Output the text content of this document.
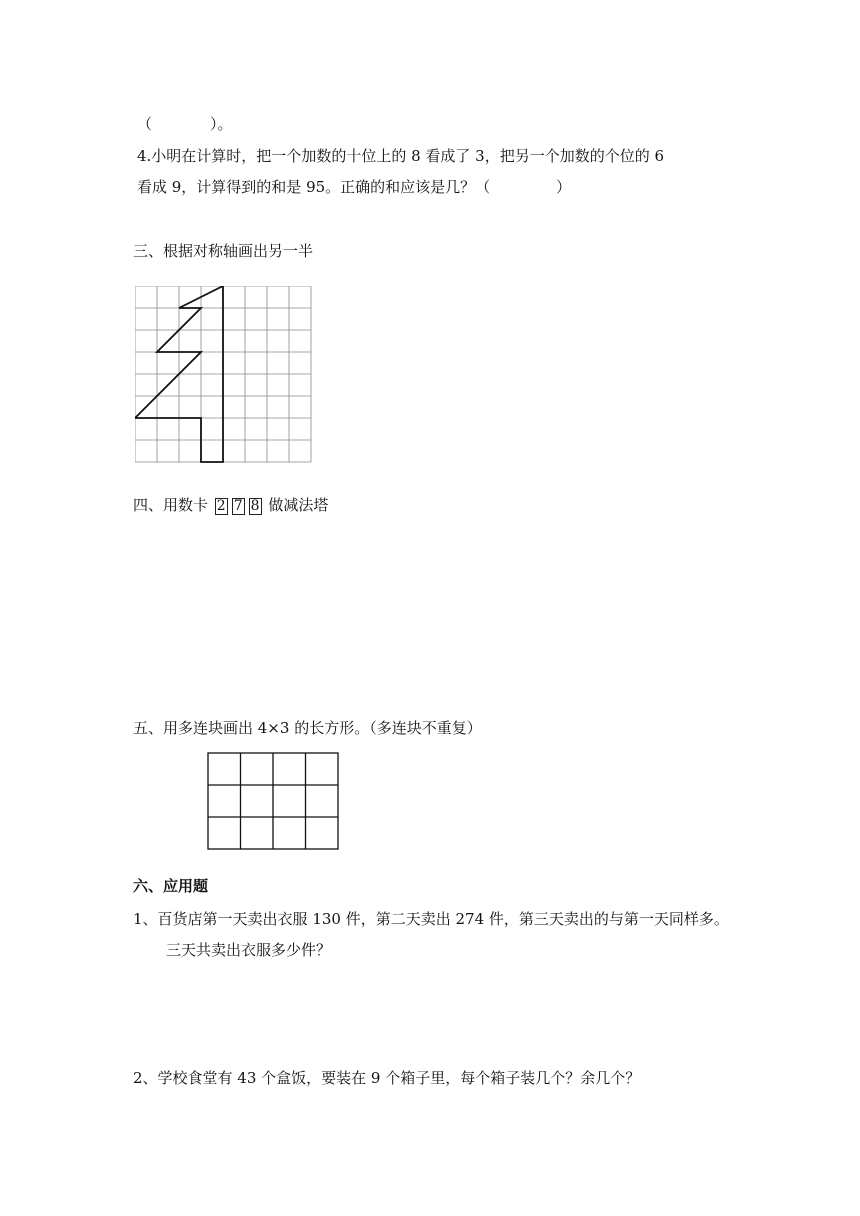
（	）。
4.小明在计算时，把一个加数的十位上的 8 看成了 3，把另一个加数的个位的 6
看成 9，计算得到的和是 95。正确的和应该是几？（	）
三、根据对称轴画出另一半
四、用数卡 2 7 8 做减法塔
五、用多连块画出 4×3 的长方形。（多连块不重复）
六、应用题
1、百货店第一天卖出衣服 130 件，第二天卖出 274 件，第三天卖出的与第一天同样多。
三天共卖出衣服多少件？
2、学校食堂有 43 个盒饭，要装在 9 个箱子里，每个箱子装几个？余几个？
